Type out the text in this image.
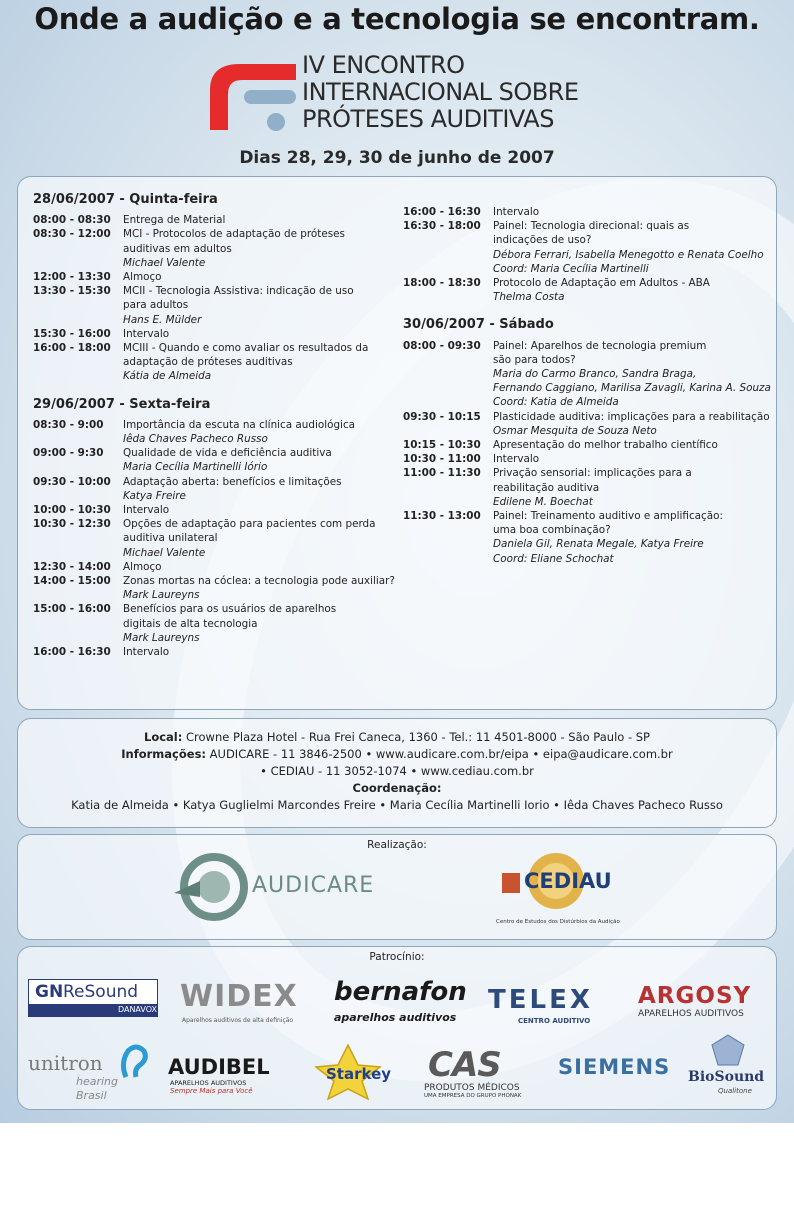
Onde a audição e a tecnologia se encontram.
IV ENCONTRO
INTERNACIONAL SOBRE
PRÓTESES AUDITIVAS
Dias 28, 29, 30 de junho de 2007
28/06/2007 - Quinta-feira
08:00 - 08:30	Entrega de Material
08:30 - 12:00	MCI - Protocolos de adaptação de próteses
auditivas em adultos
Michael Valente
12:00 - 13:30	Almoço
13:30 - 15:30	MCII - Tecnologia Assistiva: indicação de uso
para adultos
Hans E. Mülder
15:30 - 16:00	Intervalo
16:00 - 18:00	MCIII - Quando e como avaliar os resultados da
adaptação de próteses auditivas
Kátia de Almeida
29/06/2007 - Sexta-feira
08:30 - 9:00	Importância da escuta na clínica audiológica
Iêda Chaves Pacheco Russo
09:00 - 9:30	Qualidade de vida e deficiência auditiva
Maria Cecília Martinelli Iório
09:30 - 10:00	Adaptação aberta: benefícios e limitações
Katya Freire
10:00 - 10:30	Intervalo
10:30 - 12:30	Opções de adaptação para pacientes com perda
auditiva unilateral
Michael Valente
12:30 - 14:00	Almoço
14:00 - 15:00	Zonas mortas na cóclea: a tecnologia pode auxiliar?
Mark Laureyns
15:00 - 16:00	Benefícios para os usuários de aparelhos
digitais de alta tecnologia
Mark Laureyns
16:00 - 16:30	Intervalo
16:00 - 16:30	Intervalo
16:30 - 18:00	Painel: Tecnologia direcional: quais as
indicações de uso?
Débora Ferrari, Isabella Menegotto e Renata Coelho
Coord: Maria Cecília Martinelli
18:00 - 18:30	Protocolo de Adaptação em Adultos - ABA
Thelma Costa
30/06/2007 - Sábado
08:00 - 09:30	Painel: Aparelhos de tecnologia premium
são para todos?
Maria do Carmo Branco, Sandra Braga,
Fernando Caggiano, Marilisa Zavagli, Karina A. Souza
Coord: Katia de Almeida
09:30 - 10:15	Plasticidade auditiva: implicações para a reabilitação
Osmar Mesquita de Souza Neto
10:15 - 10:30	Apresentação do melhor trabalho científico
10:30 - 11:00	Intervalo
11:00 - 11:30	Privação sensorial: implicações para a
reabilitação auditiva
Edilene M. Boechat
11:30 - 13:00	Painel: Treinamento auditivo e amplificação:
uma boa combinação?
Daniela Gil, Renata Megale, Katya Freire
Coord: Eliane Schochat
Local: Crowne Plaza Hotel - Rua Frei Caneca, 1360 - Tel.: 11 4501-8000 - São Paulo - SP
Informações: AUDICARE - 11 3846-2500 • www.audicare.com.br/eipa • eipa@audicare.com.br
• CEDIAU - 11 3052-1074 • www.cediau.com.br
Coordenação:
Katia de Almeida • Katya Guglielmi Marcondes Freire • Maria Cecília Martinelli Iorio • Iêda Chaves Pacheco Russo
Realização:
AUDICARE	CEDIAU
Centro de Estudos dos Distúrbios da Audição
Patrocínio:
GN ReSound
DANAVOX WIDEX
Aparelhos auditivos de alta definição
bernafon
aparelhos auditivos
TELEX
CENTRO AUDITIVO
ARGOSY
APARELHOS AUDITIVOS
unitron
hearing
Brasil
AUDIBEL
APARELHOS AUDITIVOS
Sempre Mais para Você
Starkey CAS
PRODUTOS MÉDICOS
UMA EMPRESA DO GRUPO PHONAK
SIEMENS BioSound
Qualitone
